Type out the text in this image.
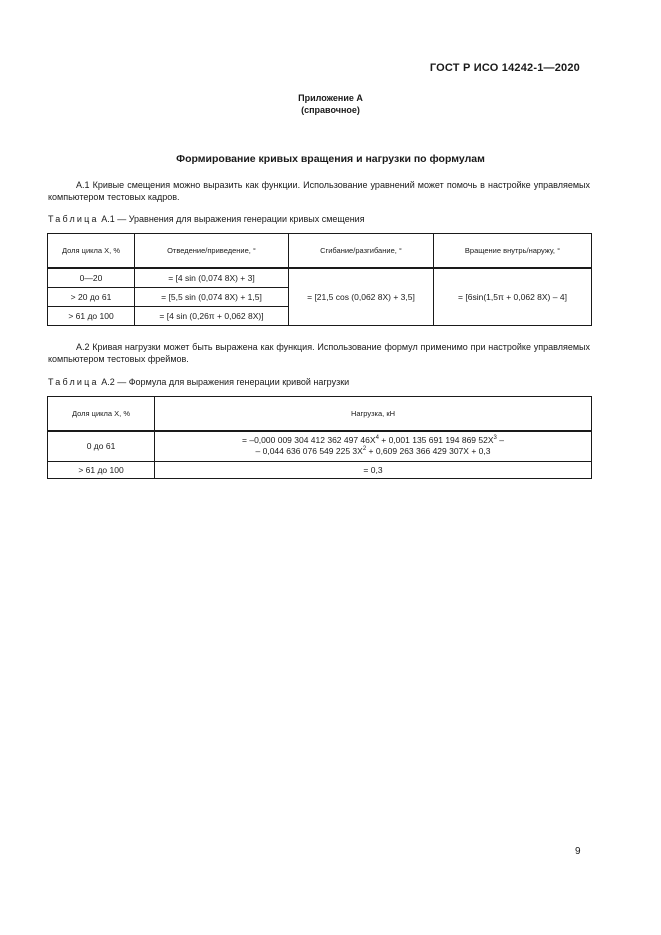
ГОСТ Р ИСО 14242-1—2020
Приложение А
(справочное)
Формирование кривых вращения и нагрузки по формулам
А.1 Кривые смещения можно выразить как функции. Использование уравнений может помочь в настройке управляемых компьютером тестовых кадров.
Таблица А.1 — Уравнения для выражения генерации кривых смещения
Доля цикла X, %	Отведение/приведение, °	Сгибание/разгибание, °	Вращение внутрь/наружу, °
0—20	= [4 sin (0,074 8X) + 3]	= [21,5 cos (0,062 8X) + 3,5]	= [6sin(1,5π + 0,062 8X) – 4]
> 20 до 61	= [5,5 sin (0,074 8X) + 1,5]		
> 61 до 100	= [4 sin (0,26π + 0,062 8X)]		
А.2 Кривая нагрузки может быть выражена как функция. Использование формул применимо при настройке управляемых компьютером тестовых фреймов.
Таблица А.2 — Формула для выражения генерации кривой нагрузки
Доля цикла X, %	Нагрузка, кН
0 до 61	= –0,000 009 304 412 362 497 $46X^4 + 0,001$ 135 691 194 869 $52X^3$ –
– 0,044 636 076 549 225 $3X^2 + 0,609$ 263 366 429 307X + 0,3

> 61 до 100	= 0,3
9
